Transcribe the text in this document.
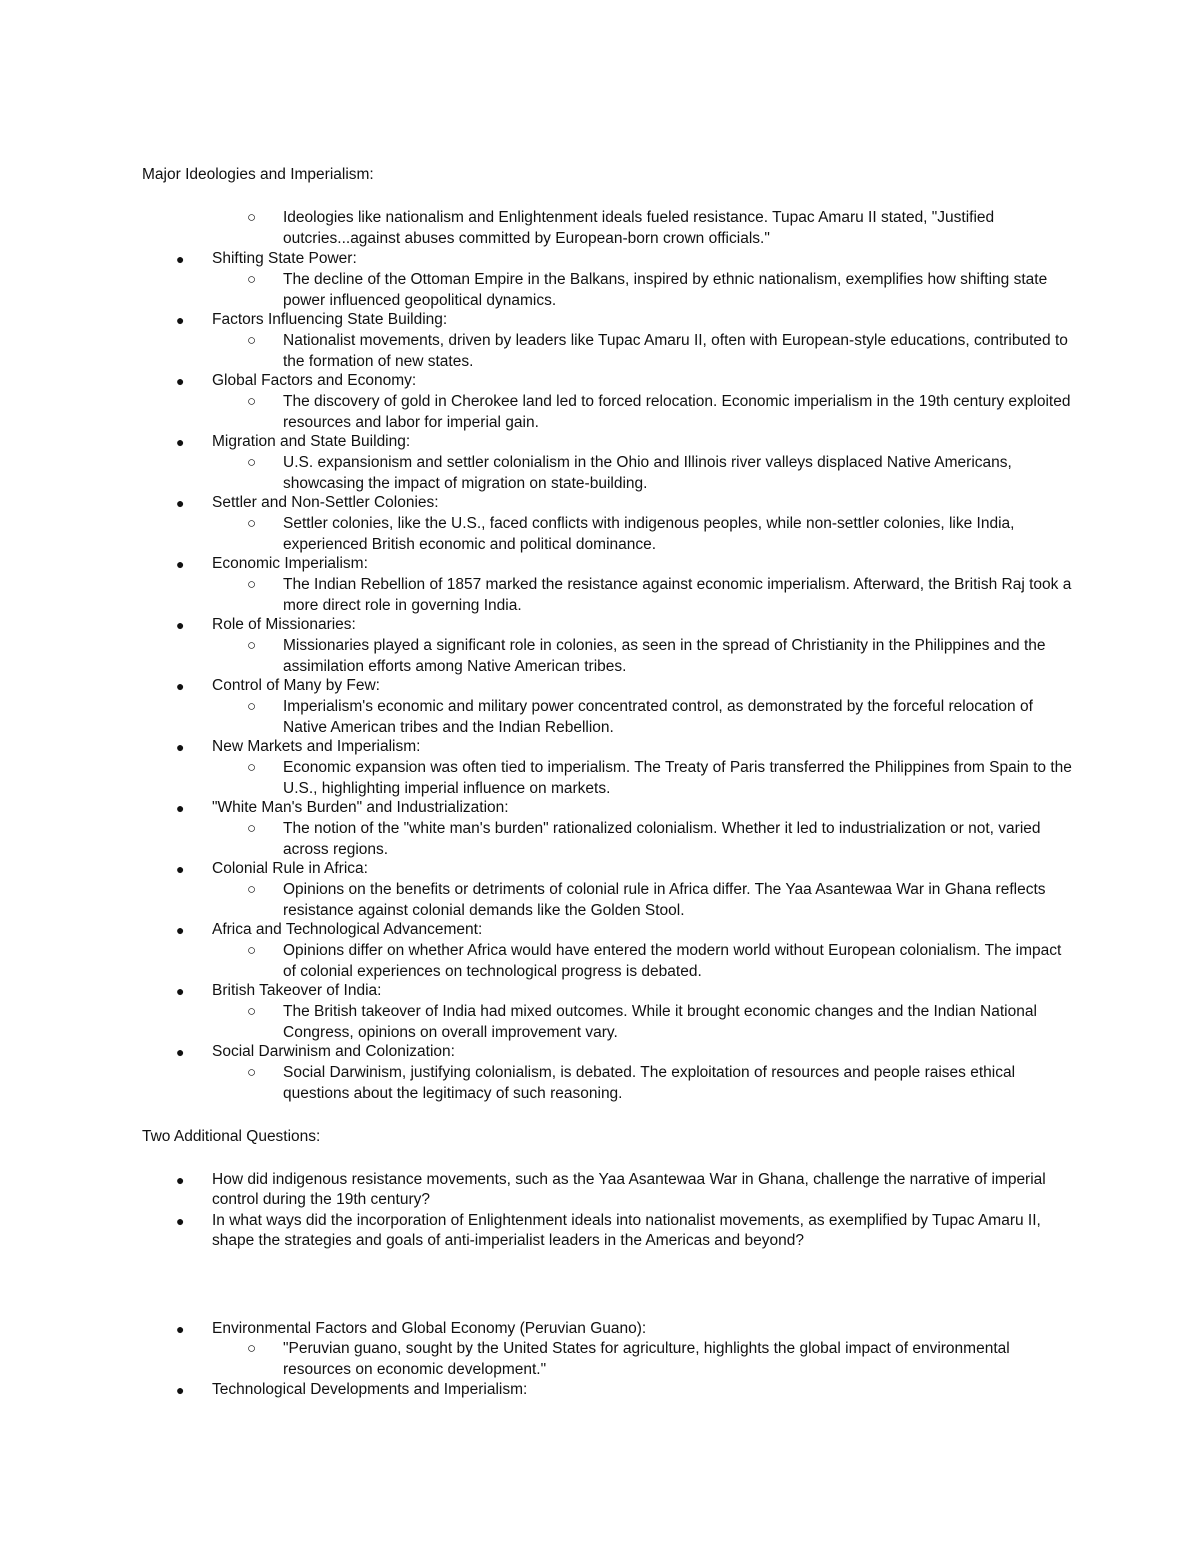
Major Ideologies and Imperialism:
○ Ideologies like nationalism and Enlightenment ideals fueled resistance. Tupac Amaru II stated, "Justified outcries...against abuses committed by European-born crown officials."
● Shifting State Power:
○ The decline of the Ottoman Empire in the Balkans, inspired by ethnic nationalism, exemplifies how shifting state power influenced geopolitical dynamics.
● Factors Influencing State Building:
○ Nationalist movements, driven by leaders like Tupac Amaru II, often with European-style educations, contributed to the formation of new states.
● Global Factors and Economy:
○ The discovery of gold in Cherokee land led to forced relocation. Economic imperialism in the 19th century exploited resources and labor for imperial gain.
● Migration and State Building:
○ U.S. expansionism and settler colonialism in the Ohio and Illinois river valleys displaced Native Americans, showcasing the impact of migration on state-building.
● Settler and Non-Settler Colonies:
○ Settler colonies, like the U.S., faced conflicts with indigenous peoples, while non-settler colonies, like India, experienced British economic and political dominance.
● Economic Imperialism:
○ The Indian Rebellion of 1857 marked the resistance against economic imperialism. Afterward, the British Raj took a more direct role in governing India.
● Role of Missionaries:
○ Missionaries played a significant role in colonies, as seen in the spread of Christianity in the Philippines and the assimilation efforts among Native American tribes.
● Control of Many by Few:
○ Imperialism's economic and military power concentrated control, as demonstrated by the forceful relocation of Native American tribes and the Indian Rebellion.
● New Markets and Imperialism:
○ Economic expansion was often tied to imperialism. The Treaty of Paris transferred the Philippines from Spain to the U.S., highlighting imperial influence on markets.
● "White Man's Burden" and Industrialization:
○ The notion of the "white man's burden" rationalized colonialism. Whether it led to industrialization or not, varied across regions.
● Colonial Rule in Africa:
○ Opinions on the benefits or detriments of colonial rule in Africa differ. The Yaa Asantewaa War in Ghana reflects resistance against colonial demands like the Golden Stool.
● Africa and Technological Advancement:
○ Opinions differ on whether Africa would have entered the modern world without European colonialism. The impact of colonial experiences on technological progress is debated.
● British Takeover of India:
○ The British takeover of India had mixed outcomes. While it brought economic changes and the Indian National Congress, opinions on overall improvement vary.
● Social Darwinism and Colonization:
○ Social Darwinism, justifying colonialism, is debated. The exploitation of resources and people raises ethical questions about the legitimacy of such reasoning.
Two Additional Questions:
● How did indigenous resistance movements, such as the Yaa Asantewaa War in Ghana, challenge the narrative of imperial control during the 19th century?
● In what ways did the incorporation of Enlightenment ideals into nationalist movements, as exemplified by Tupac Amaru II, shape the strategies and goals of anti-imperialist leaders in the Americas and beyond?
● Environmental Factors and Global Economy (Peruvian Guano):
○ "Peruvian guano, sought by the United States for agriculture, highlights the global impact of environmental resources on economic development."
● Technological Developments and Imperialism:
